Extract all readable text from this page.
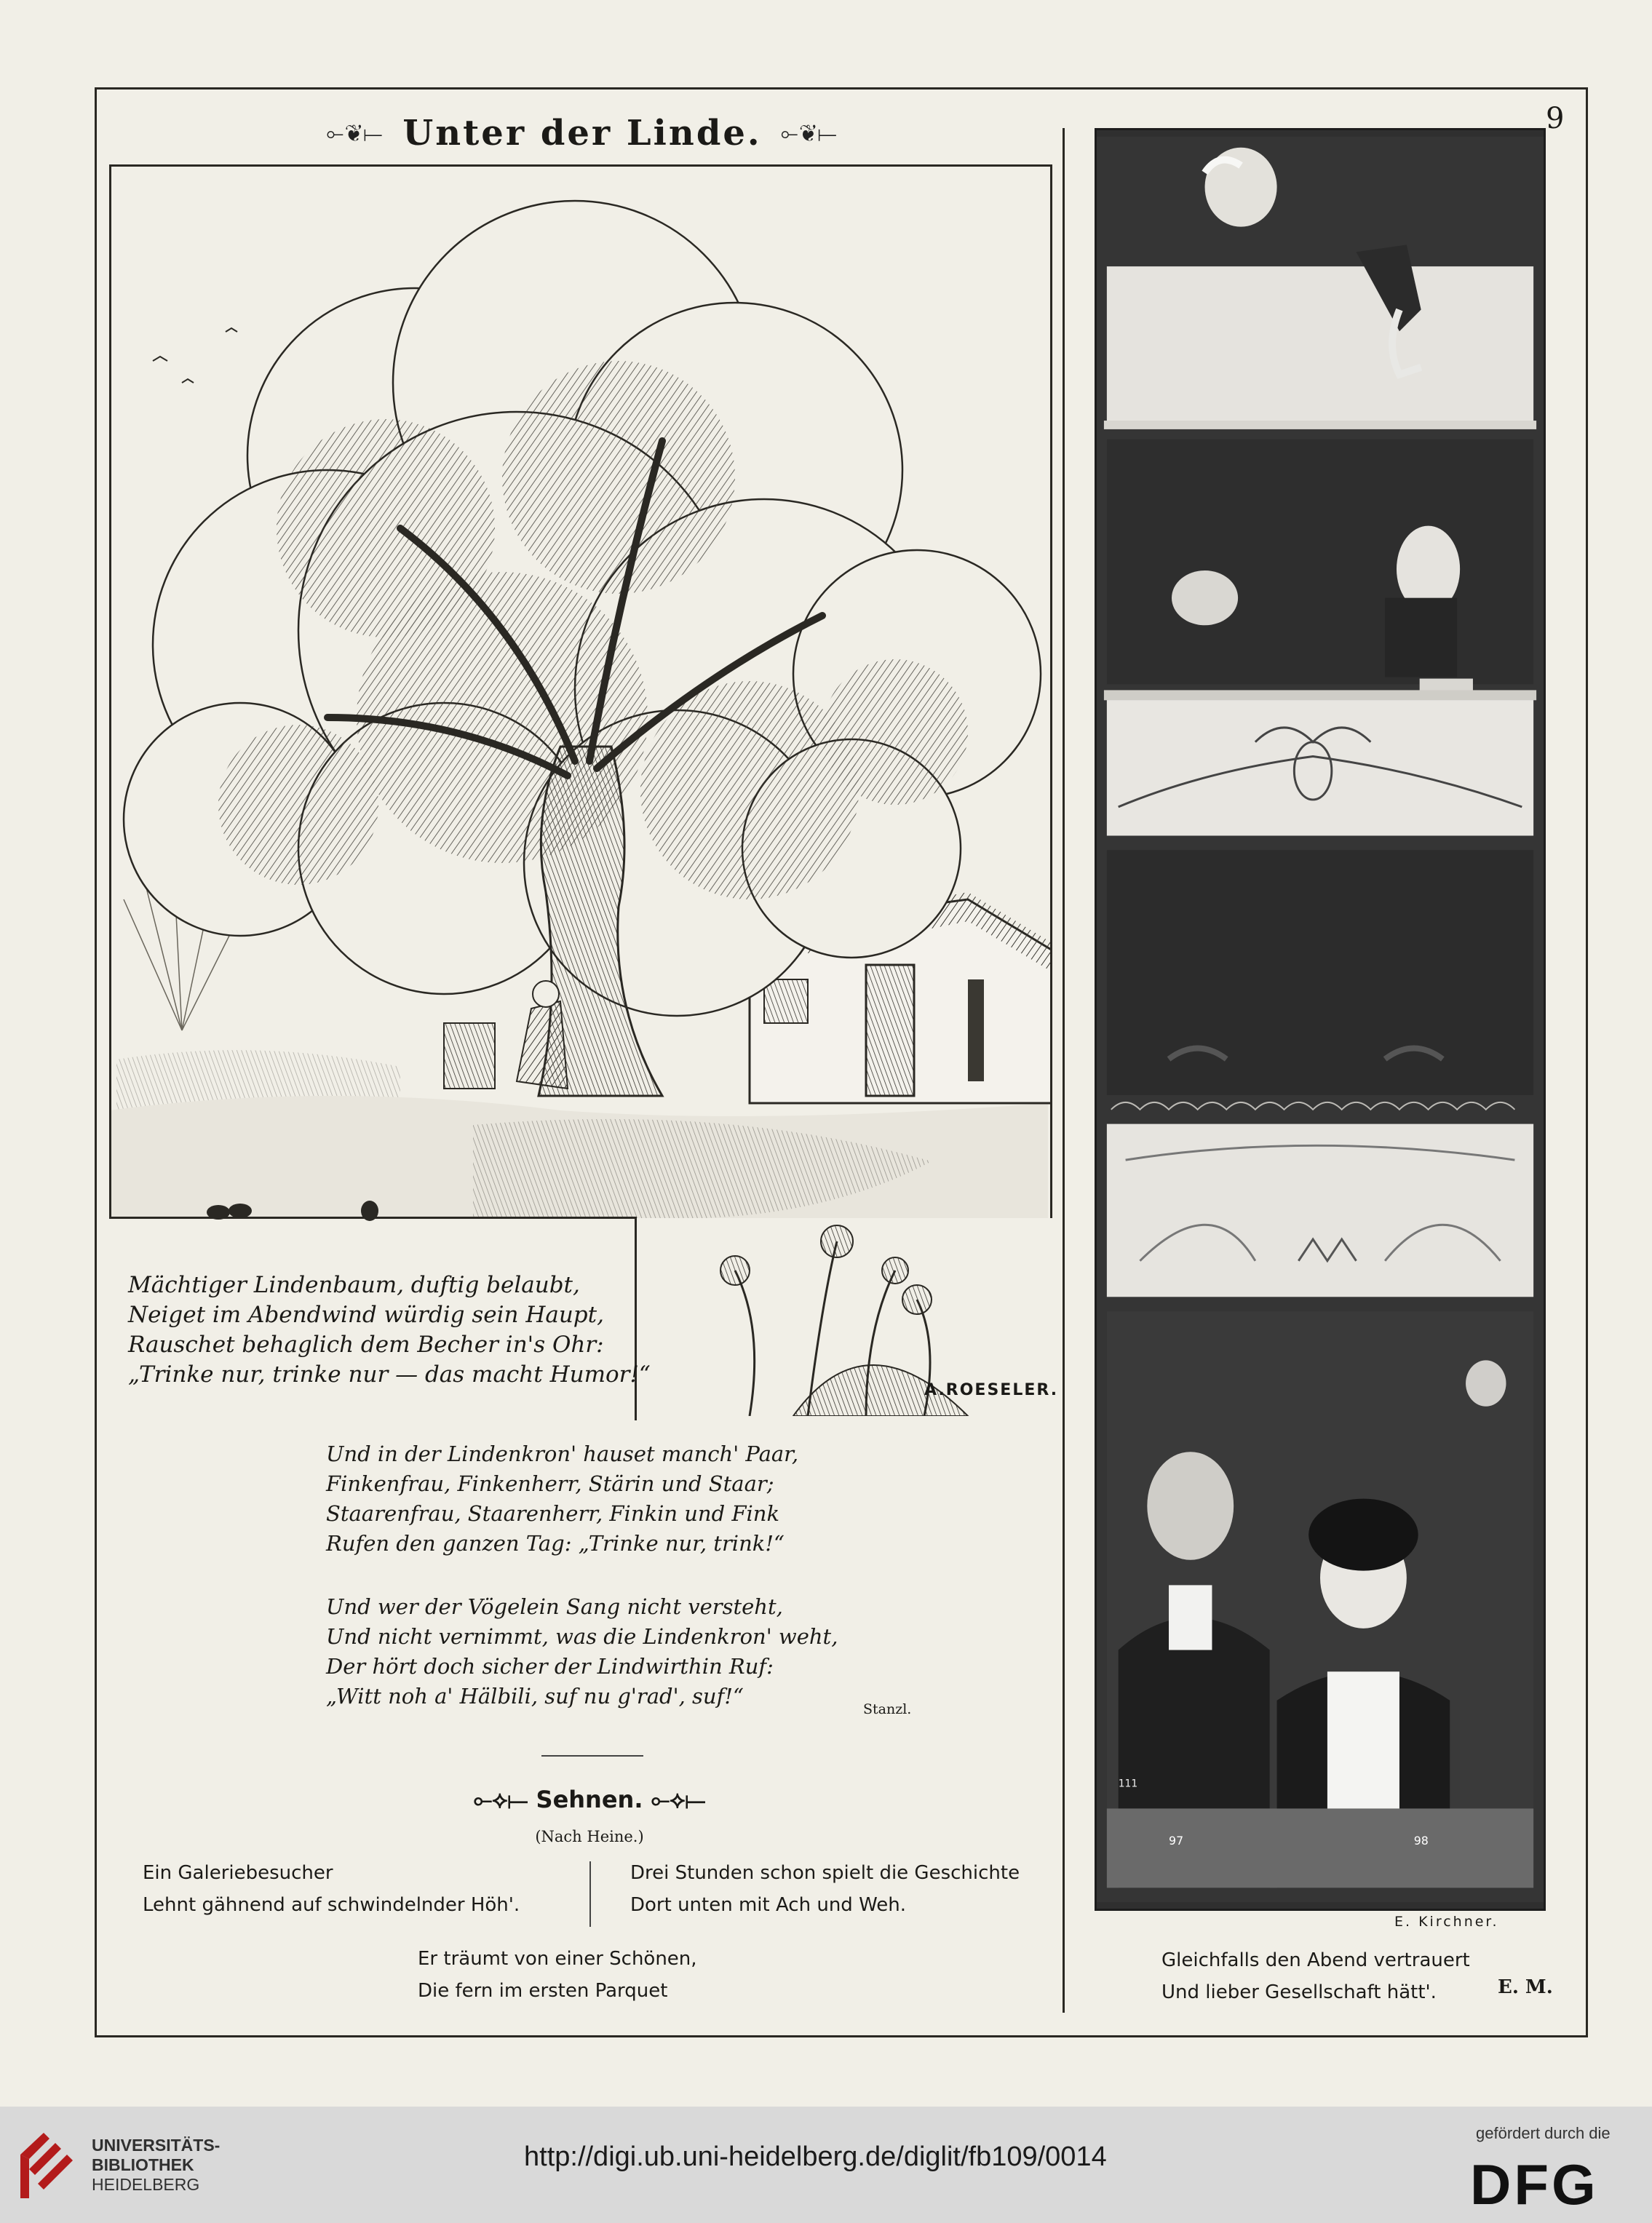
9
⟜❦⟝ Unter der Linde. ⟜❦⟝
A.ROESELER.
Mächtiger Lindenbaum, duftig belaubt,
Neiget im Abendwind würdig sein Haupt,
Rauschet behaglich dem Becher in's Ohr:
„Trinke nur, trinke nur — das macht Humor!“
Und in der Lindenkron' hauset manch' Paar,
Finkenfrau, Finkenherr, Stärin und Staar;
Staarenfrau, Staarenherr, Finkin und Fink
Rufen den ganzen Tag: „Trinke nur, trink!“
Und wer der Vögelein Sang nicht versteht,
Und nicht vernimmt, was die Lindenkron' weht,
Der hört doch sicher der Lindwirthin Ruf:
„Witt noh a' Hälbili, suf nu g'rad', suf!“
Stanzl.
⟜⟡⟝ Sehnen. ⟜⟡⟝
(Nach Heine.)
Ein Galeriebesucher
Lehnt gähnend auf schwindelnder Höh'.
Drei Stunden schon spielt die Geschichte
Dort unten mit Ach und Weh.
Er träumt von einer Schönen,
Die fern im ersten Parquet
111
97	98
E. Kirchner.
Gleichfalls den Abend vertrauert
Und lieber Gesellschaft hätt'.	E. M.
UNIVERSITÄTS-
BIBLIOTHEK
HEIDELBERG
http://digi.ub.uni-heidelberg.de/diglit/fb109/0014
gefördert durch die
DFG
